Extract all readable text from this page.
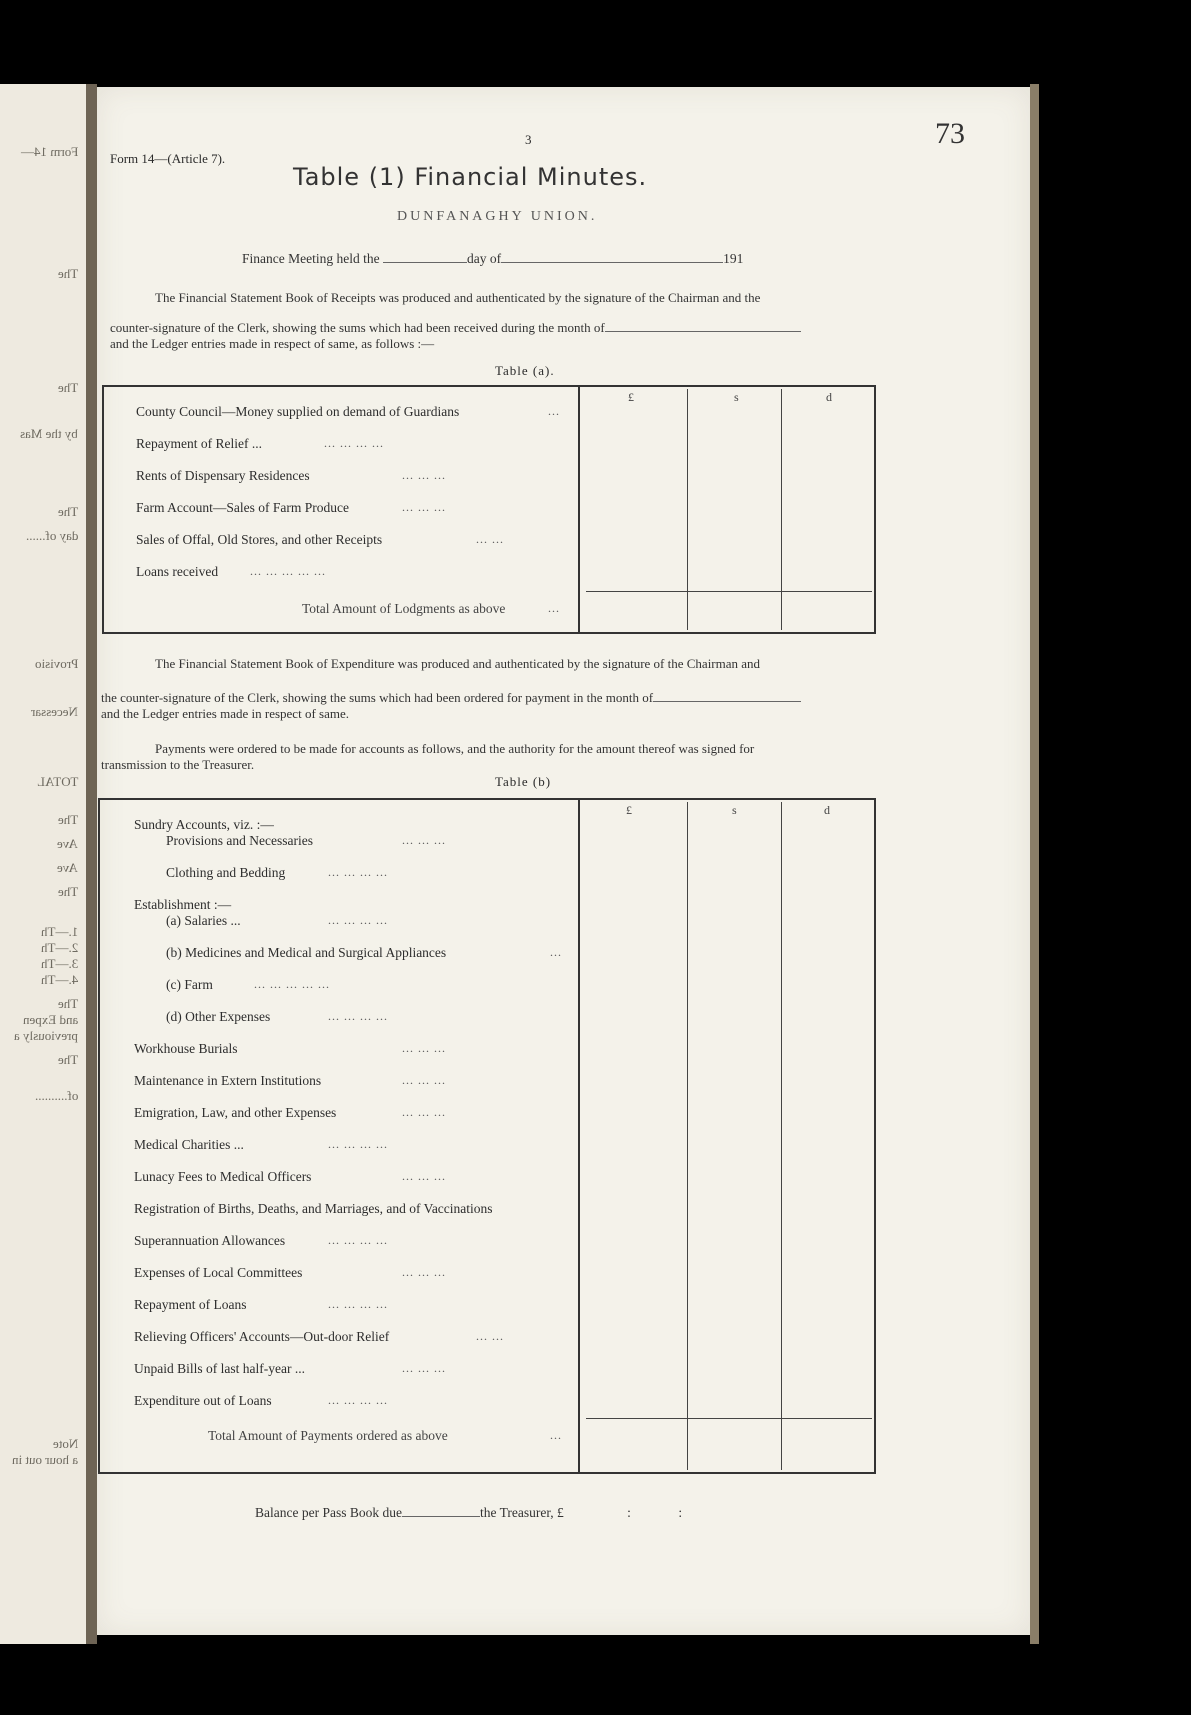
Form 14—
The
The
by the Mas
The
day of......
Provisio
Necessar
TOTAL
The
Ave
Ave
The
1.—Th
2.—Th
3.—Th
4.—Th
The
and Expen
previously a
The
of..........
Note
a hour out in
Form 14—(Article 7).
3	73
Table (1) Financial Minutes.
DUNFANAGHY UNION.
Finance Meeting held the	day of	191
The Financial Statement Book of Receipts was produced and authenticated by the signature of the Chairman and the
counter-signature of the Clerk, showing the sums which had been received during the month of
and the Ledger entries made in respect of same, as follows :—
Table (a).
£	s	d
County Council—Money supplied on demand of Guardians	...
Repayment of Relief ...	... ... ... ...
Rents of Dispensary Residences	... ... ...
Farm Account—Sales of Farm Produce	... ... ...
Sales of Offal, Old Stores, and other Receipts	... ...
Loans received	... ... ... ... ...
Total Amount of Lodgments as above	...
The Financial Statement Book of Expenditure was produced and authenticated by the signature of the Chairman and
the counter-signature of the Clerk, showing the sums which had been ordered for payment in the month of
and the Ledger entries made in respect of same.
Payments were ordered to be made for accounts as follows, and the authority for the amount thereof was signed for
transmission to the Treasurer.
Table (b)
£	s	d
Sundry Accounts, viz. :—
Provisions and Necessaries	... ... ...
Clothing and Bedding	... ... ... ...
Establishment :—
(a) Salaries ...	... ... ... ...
(b) Medicines and Medical and Surgical Appliances	...
(c) Farm	... ... ... ... ...
(d) Other Expenses	... ... ... ...
Workhouse Burials	... ... ...
Maintenance in Extern Institutions	... ... ...
Emigration, Law, and other Expenses	... ... ...
Medical Charities ...	... ... ... ...
Lunacy Fees to Medical Officers	... ... ...
Registration of Births, Deaths, and Marriages, and of Vaccinations
Superannuation Allowances	... ... ... ...
Expenses of Local Committees	... ... ...
Repayment of Loans	... ... ... ...
Relieving Officers' Accounts—Out-door Relief	... ...
Unpaid Bills of last half-year ...	... ... ...
Expenditure out of Loans	... ... ... ...
Total Amount of Payments ordered as above	...
Balance per Pass Book due	the Treasurer, £	:	:
